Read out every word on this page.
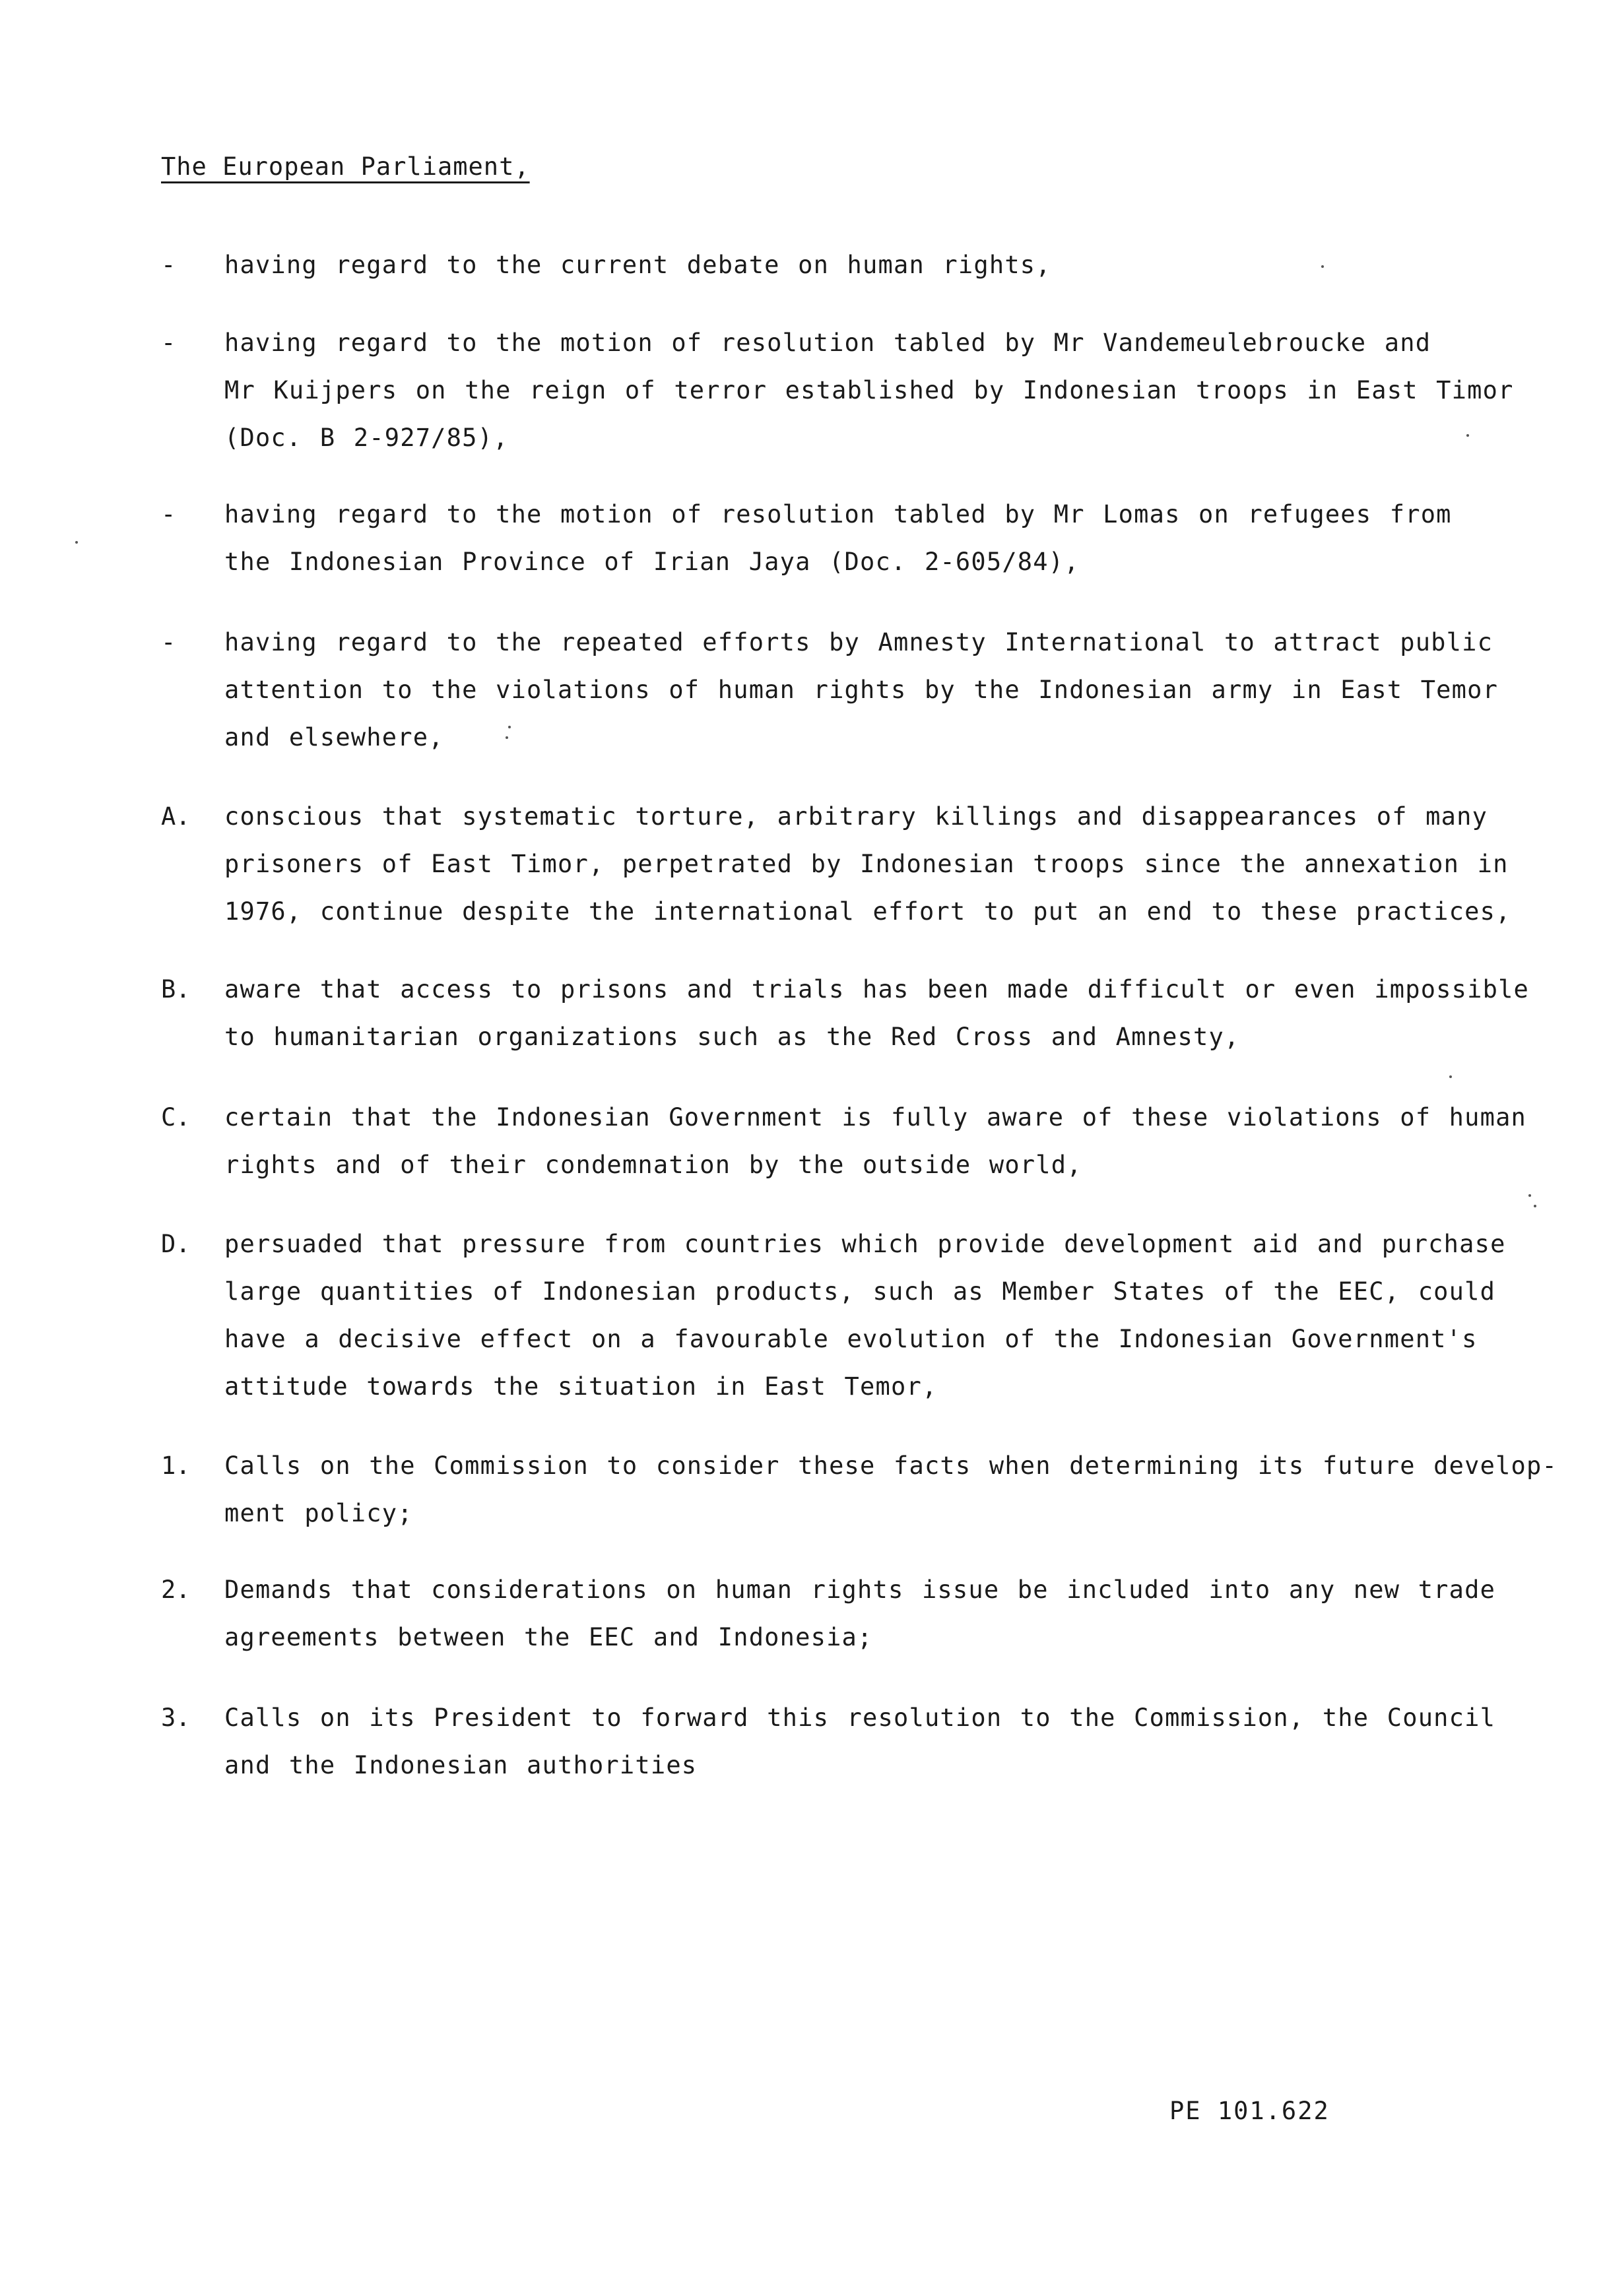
The European Parliament,
- having regard to the current debate on human rights,
- having regard to the motion of resolution tabled by Mr Vandemeulebroucke and
Mr Kuijpers on the reign of terror established by Indonesian troops in East Timor
(Doc. B 2-927/85),
- having regard to the motion of resolution tabled by Mr Lomas on refugees from
the Indonesian Province of Irian Jaya (Doc. 2-605/84),
- having regard to the repeated efforts by Amnesty International to attract public
attention to the violations of human rights by the Indonesian army in East Temor
and elsewhere,
A. conscious that systematic torture, arbitrary killings and disappearances of many
prisoners of East Timor, perpetrated by Indonesian troops since the annexation in
1976, continue despite the international effort to put an end to these practices,
B. aware that access to prisons and trials has been made difficult or even impossible
to humanitarian organizations such as the Red Cross and Amnesty,
C. certain that the Indonesian Government is fully aware of these violations of human
rights and of their condemnation by the outside world,
D. persuaded that pressure from countries which provide development aid and purchase
large quantities of Indonesian products, such as Member States of the EEC, could
have a decisive effect on a favourable evolution of the Indonesian Government's
attitude towards the situation in East Temor,
1. Calls on the Commission to consider these facts when determining its future develop-
ment policy;
2. Demands that considerations on human rights issue be included into any new trade
agreements between the EEC and Indonesia;
3. Calls on its President to forward this resolution to the Commission, the Council
and the Indonesian authorities
PE 101.622
